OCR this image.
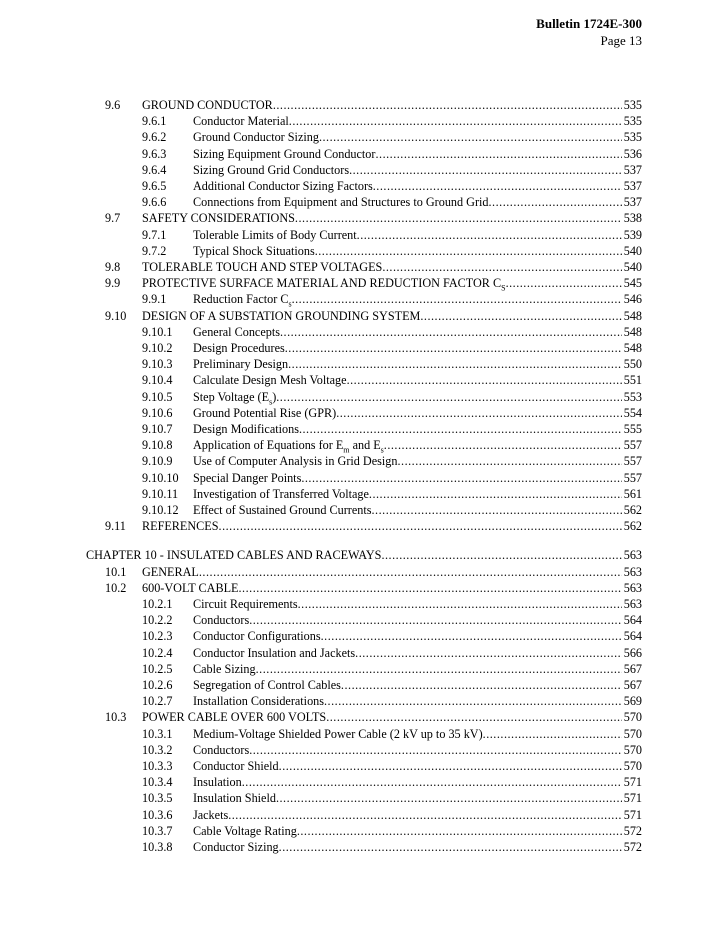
Bulletin 1724E-300
Page 13
9.6	GROUND CONDUCTOR .....	535
9.6.1	Conductor Material .....	535
9.6.2	Ground Conductor Sizing .....	535
9.6.3	Sizing Equipment Ground Conductor .....	536
9.6.4	Sizing Ground Grid Conductors .....	537
9.6.5	Additional Conductor Sizing Factors .....	537
9.6.6	Connections from Equipment and Structures to Ground Grid .....	537
9.7	SAFETY CONSIDERATIONS .....	538
9.7.1	Tolerable Limits of Body Current .....	539
9.7.2	Typical Shock Situations .....	540
9.8	TOLERABLE TOUCH AND STEP VOLTAGES .....	540
9.9	PROTECTIVE SURFACE MATERIAL AND REDUCTION FACTOR $C_S$ .....	545
9.9.1	Reduction Factor $C_s$ .....	546
9.10	DESIGN OF A SUBSTATION GROUNDING SYSTEM .....	548
9.10.1	General Concepts .....	548
9.10.2	Design Procedures .....	548
9.10.3	Preliminary Design .....	550
9.10.4	Calculate Design Mesh Voltage .....	551
9.10.5	Step Voltage $(E_s)$ .....	553
9.10.6	Ground Potential Rise (GPR) .....	554
9.10.7	Design Modifications .....	555
9.10.8	Application of Equations for $E_m$ and $E_s$ .....	557
9.10.9	Use of Computer Analysis in Grid Design .....	557
9.10.10	Special Danger Points .....	557
9.10.11	Investigation of Transferred Voltage .....	561
9.10.12	Effect of Sustained Ground Currents .....	562
9.11	REFERENCES .....	562
CHAPTER 10 - INSULATED CABLES AND RACEWAYS .....	563
10.1	GENERAL .....	563
10.2	600-VOLT CABLE .....	563
10.2.1	Circuit Requirements .....	563
10.2.2	Conductors .....	564
10.2.3	Conductor Configurations .....	564
10.2.4	Conductor Insulation and Jackets .....	566
10.2.5	Cable Sizing .....	567
10.2.6	Segregation of Control Cables .....	567
10.2.7	Installation Considerations .....	569
10.3	POWER CABLE OVER 600 VOLTS .....	570
10.3.1	Medium-Voltage Shielded Power Cable (2 kV up to 35 kV) .....	570
10.3.2	Conductors .....	570
10.3.3	Conductor Shield .....	570
10.3.4	Insulation .....	571
10.3.5	Insulation Shield .....	571
10.3.6	Jackets .....	571
10.3.7	Cable Voltage Rating .....	572
10.3.8	Conductor Sizing .....	572
